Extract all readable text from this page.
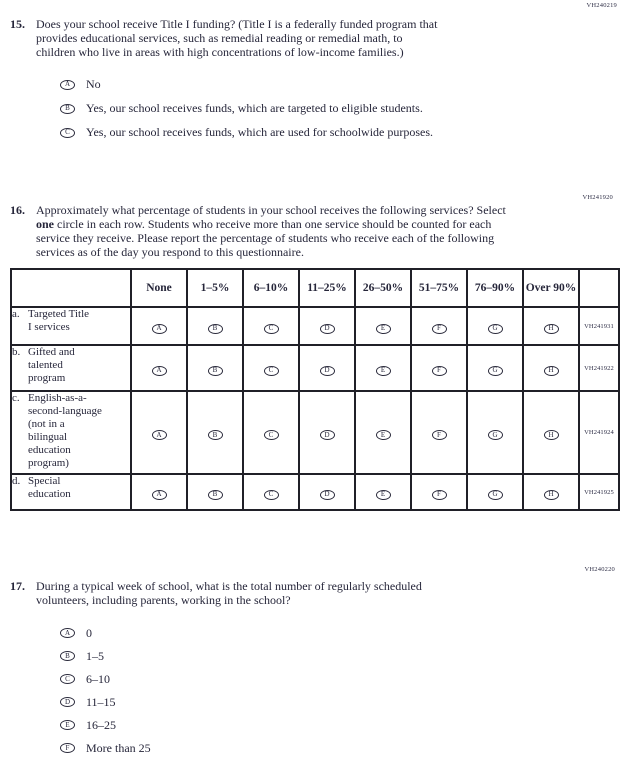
VH240219
15. Does your school receive Title I funding? (Title I is a federally funded program that
provides educational services, such as remedial reading or remedial math, to
children who live in areas with high concentrations of low-income families.)
A No
B Yes, our school receives funds, which are targeted to eligible students.
C Yes, our school receives funds, which are used for schoolwide purposes.
VH241920
16. Approximately what percentage of students in your school receives the following services? Select
one circle in each row. Students who receive more than one service should be counted for each
service they receive. Please report the percentage of students who receive each of the following
services as of the day you respond to this questionnaire.
	None	1–5%	6–10%	11–25%	26–50%	51–75%	76–90%	Over 90%	

a. Targeted Title
I services	A	B	C	D	E	F	G	H	VH241931

b. Gifted and
talented
program	A	B	C	D	E	F	G	H	VH241922

c. English-as-a-
second-language
(not in a
bilingual
education
program)

A	B	C	D	E	F	G	H	VH241924

d. Special
education	A	B	C	D	E	F	G	H	VH241925
VH240220
17. During a typical week of school, what is the total number of regularly scheduled
volunteers, including parents, working in the school?
A 0
B 1–5
C 6–10
D 11–15
E 16–25
F More than 25
